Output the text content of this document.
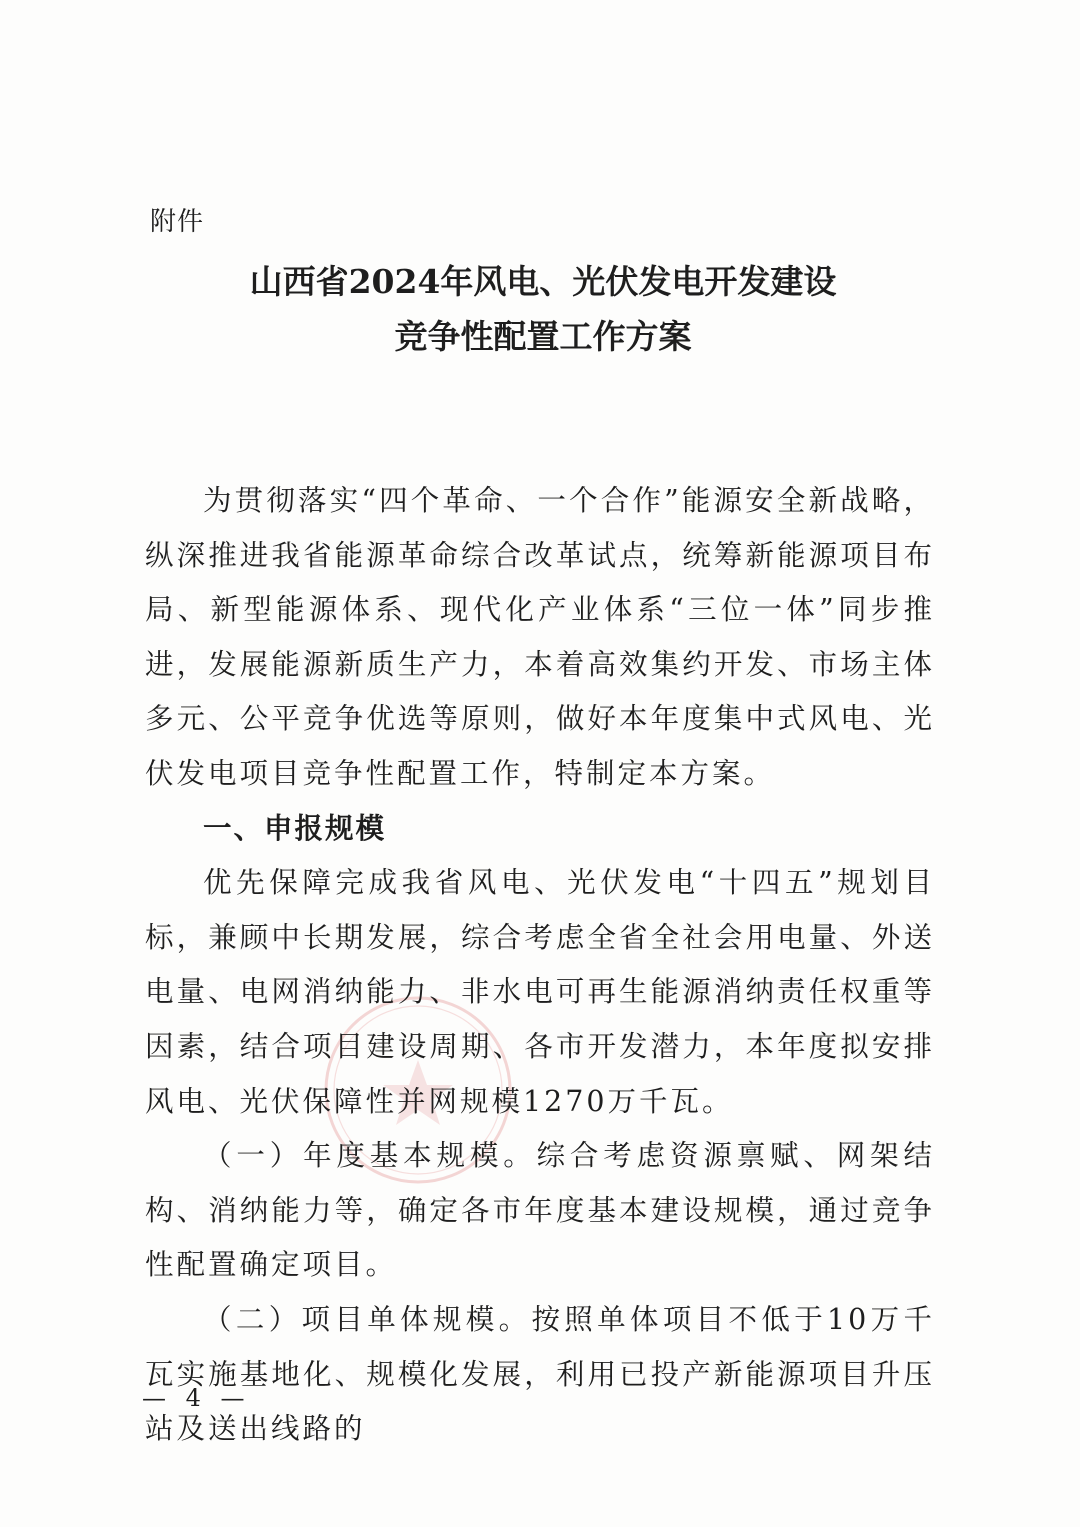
附件
山西省2024年风电、光伏发电开发建设
竞争性配置工作方案

为贯彻落实“四个革命、一个合作”能源安全新战略，纵深推进我省能源革命综合改革试点，统筹新能源项目布局、新型能源体系、现代化产业体系“三位一体”同步推进，发展能源新质生产力，本着高效集约开发、市场主体多元、公平竞争优选等原则，做好本年度集中式风电、光伏发电项目竞争性配置工作，特制定本方案。

一、申报规模

优先保障完成我省风电、光伏发电“十四五”规划目标，兼顾中长期发展，综合考虑全省全社会用电量、外送电量、电网消纳能力、非水电可再生能源消纳责任权重等因素，结合项目建设周期、各市开发潜力，本年度拟安排风电、光伏保障性并网规模1270万千瓦。

（一）年度基本规模。综合考虑资源禀赋、网架结构、消纳能力等，确定各市年度基本建设规模，通过竞争性配置确定项目。

（二）项目单体规模。按照单体项目不低于10万千瓦实施基地化、规模化发展，利用已投产新能源项目升压站及送出线路的

— 4 —
